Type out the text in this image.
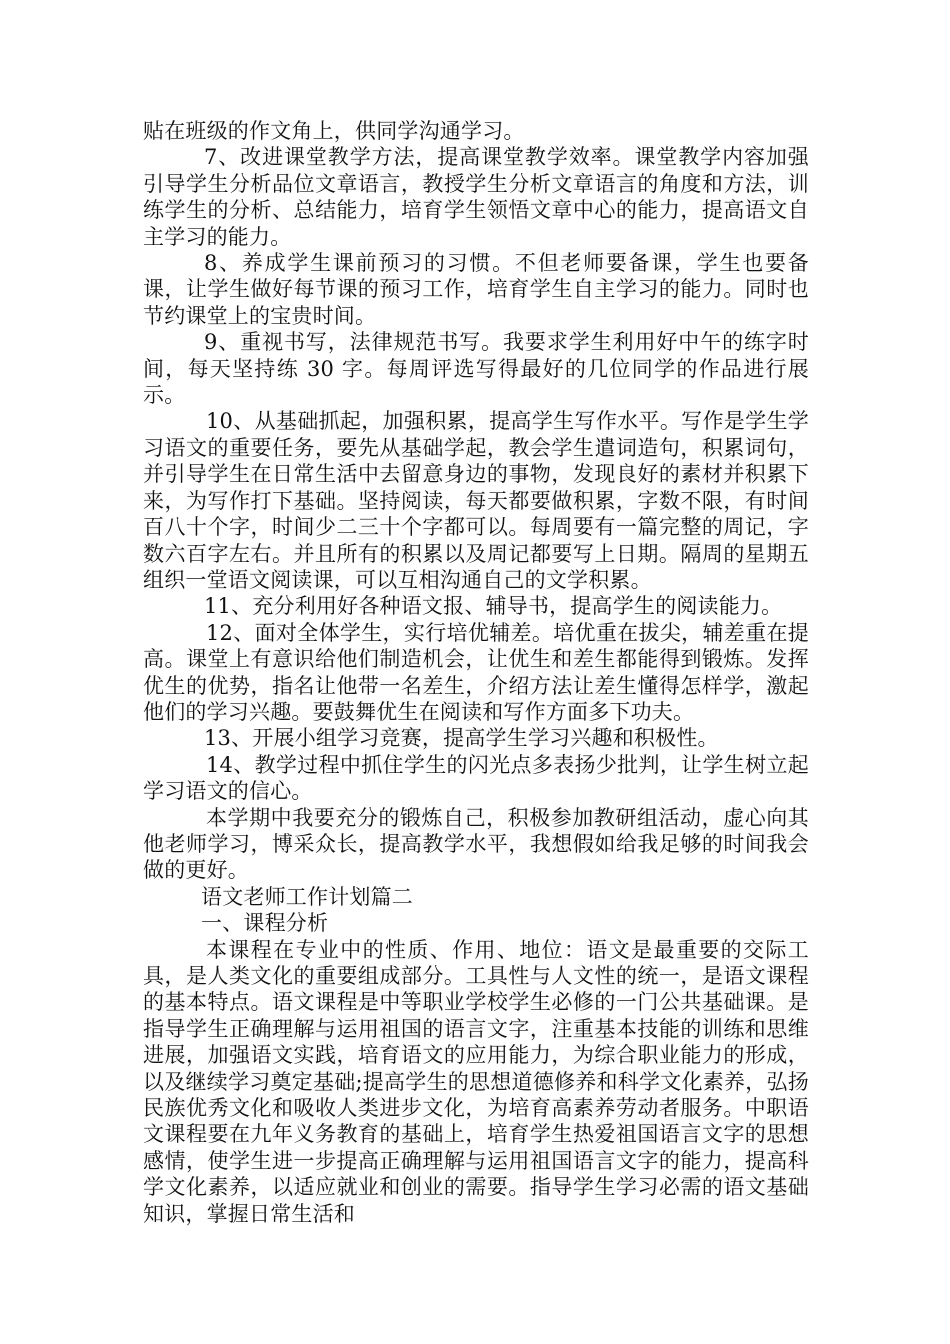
贴在班级的作文角上，供同学沟通学习。

7、改进课堂教学方法，提高课堂教学效率。课堂教学内容加强引导学生分析品位文章语言，教授学生分析文章语言的角度和方法，训练学生的分析、总结能力，培育学生领悟文章中心的能力，提高语文自主学习的能力。

8、养成学生课前预习的习惯。不但老师要备课，学生也要备课，让学生做好每节课的预习工作，培育学生自主学习的能力。同时也节约课堂上的宝贵时间。

9、重视书写，法律规范书写。我要求学生利用好中午的练字时间，每天坚持练 30 字。每周评选写得最好的几位同学的作品进行展示。

10、从基础抓起，加强积累，提高学生写作水平。写作是学生学习语文的重要任务，要先从基础学起，教会学生遣词造句，积累词句，并引导学生在日常生活中去留意身边的事物，发现良好的素材并积累下来，为写作打下基础。坚持阅读，每天都要做积累，字数不限，有时间百八十个字，时间少二三十个字都可以。每周要有一篇完整的周记，字数六百字左右。并且所有的积累以及周记都要写上日期。隔周的星期五组织一堂语文阅读课，可以互相沟通自己的文学积累。

11、充分利用好各种语文报、辅导书，提高学生的阅读能力。

12、面对全体学生，实行培优辅差。培优重在拔尖，辅差重在提高。课堂上有意识给他们制造机会，让优生和差生都能得到锻炼。发挥优生的优势，指名让他带一名差生，介绍方法让差生懂得怎样学，激起他们的学习兴趣。要鼓舞优生在阅读和写作方面多下功夫。

13、开展小组学习竞赛，提高学生学习兴趣和积极性。

14、教学过程中抓住学生的闪光点多表扬少批判，让学生树立起学习语文的信心。

本学期中我要充分的锻炼自己，积极参加教研组活动，虚心向其他老师学习，博采众长，提高教学水平，我想假如给我足够的时间我会做的更好。

语文老师工作计划篇二

一、课程分析

本课程在专业中的性质、作用、地位：语文是最重要的交际工具，是人类文化的重要组成部分。工具性与人文性的统一，是语文课程的基本特点。语文课程是中等职业学校学生必修的一门公共基础课。是指导学生正确理解与运用祖国的语言文字，注重基本技能的训练和思维进展，加强语文实践，培育语文的应用能力，为综合职业能力的形成，以及继续学习奠定基础;提高学生的思想道德修养和科学文化素养，弘扬民族优秀文化和吸收人类进步文化，为培育高素养劳动者服务。中职语文课程要在九年义务教育的基础上，培育学生热爱祖国语言文字的思想感情，使学生进一步提高正确理解与运用祖国语言文字的能力，提高科学文化素养，以适应就业和创业的需要。指导学生学习必需的语文基础知识，掌握日常生活和
